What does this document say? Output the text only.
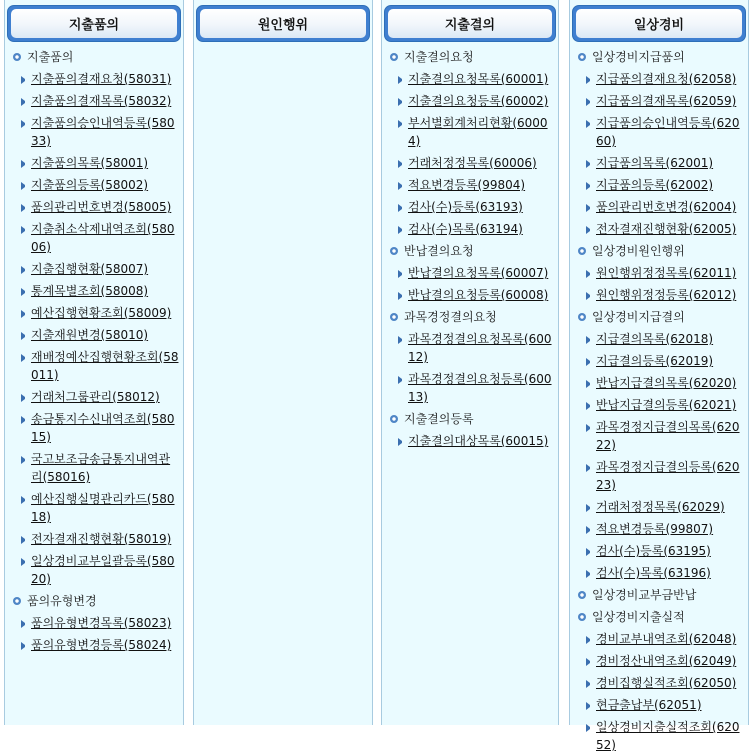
지출품의
지출품의
지출품의결재요청(58031)
지출품의결재목록(58032)
지출품의승인내역등록(58033)
지출품의목록(58001)
지출품의등록(58002)
품의관리번호변경(58005)
지출취소삭제내역조회(58006)
지출집행현황(58007)
통계목별조회(58008)
예산집행현황조회(58009)
지출재원변경(58010)
재배정예산집행현황조회(58011)
거래처그룹관리(58012)
송금통지수신내역조회(58015)
국고보조금송금통지내역관리(58016)
예산집행실명관리카드(58018)
전자결재진행현황(58019)
일상경비교부일괄등록(58020)
품의유형변경
품의유형변경목록(58023)
품의유형변경등록(58024)
원인행위	지출결의
지출결의요청
지출결의요청목록(60001)
지출결의요청등록(60002)
부서별회계처리현황(60004)
거래처정정목록(60006)
적요변경등록(99804)
검사(수)등록(63193)
검사(수)목록(63194)
반납결의요청
반납결의요청목록(60007)
반납결의요청등록(60008)
과목경정결의요청
과목경정결의요청목록(60012)
과목경정결의요청등록(60013)
지출결의등록
지출결의대상목록(60015)
일상경비
일상경비지급품의
지급품의결재요청(62058)
지급품의결재목록(62059)
지급품의승인내역등록(62060)
지급품의목록(62001)
지급품의등록(62002)
품의관리번호변경(62004)
전자결재진행현황(62005)
일상경비원인행위
원인행위정정목록(62011)
원인행위정정등록(62012)
일상경비지급결의
지급결의목록(62018)
지급결의등록(62019)
반납지급결의목록(62020)
반납지급결의등록(62021)
과목경정지급결의목록(62022)
과목경정지급결의등록(62023)
거래처정정목록(62029)
적요변경등록(99807)
검사(수)등록(63195)
검사(수)목록(63196)
일상경비교부금반납
일상경비지출실적
경비교부내역조회(62048)
경비정산내역조회(62049)
경비집행실적조회(62050)
현금출납부(62051)
일상경비지출실적조회(62052)
